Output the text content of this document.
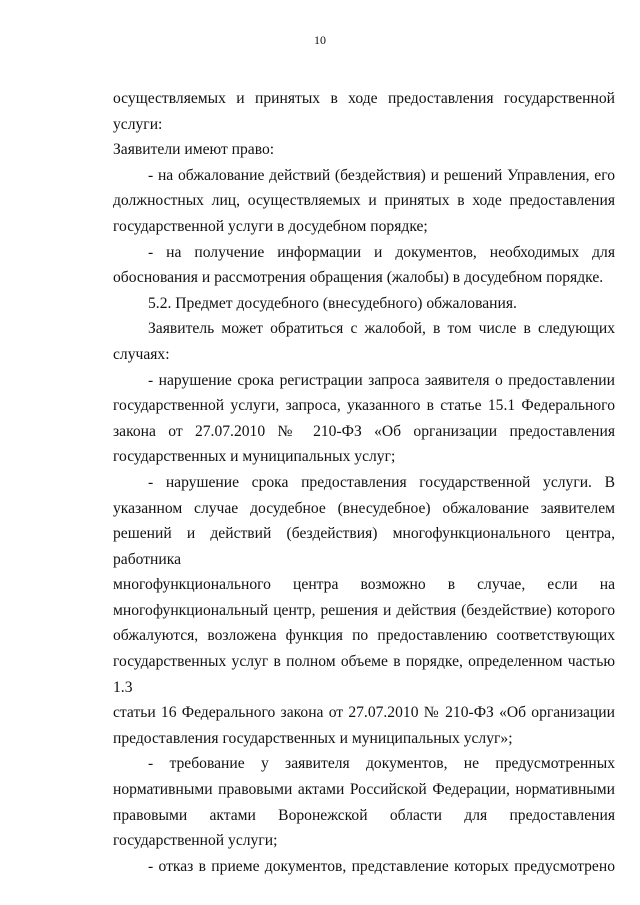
10

осуществляемых и принятых в ходе предоставления государственной услуги:

Заявители имеют право:

- на обжалование действий (бездействия) и решений Управления, его

должностных лиц, осуществляемых и принятых в ходе предоставления

государственной услуги в досудебном порядке;

- на получение информации и документов, необходимых для

обоснования и рассмотрения обращения (жалобы) в досудебном порядке.

5.2. Предмет досудебного (внесудебного) обжалования.

Заявитель может обратиться с жалобой, в том числе в следующих

случаях:

- нарушение срока регистрации запроса заявителя о предоставлении

государственной услуги, запроса, указанного в статье 15.1 Федерального

закона от 27.07.2010 № 210-ФЗ «Об организации предоставления

государственных и муниципальных услуг;

- нарушение срока предоставления государственной услуги. В

указанном случае досудебное (внесудебное) обжалование заявителем

решений и действий (бездействия) многофункционального центра, работника

многофункционального центра возможно в случае, если на

многофункциональный центр, решения и действия (бездействие) которого

обжалуются, возложена функция по предоставлению соответствующих

государственных услуг в полном объеме в порядке, определенном частью 1.3

статьи 16 Федерального закона от 27.07.2010 № 210-ФЗ «Об организации

предоставления государственных и муниципальных услуг»;

- требование у заявителя документов, не предусмотренных

нормативными правовыми актами Российской Федерации, нормативными

правовыми актами Воронежской области для предоставления

государственной услуги;

- отказ в приеме документов, представление которых предусмотрено
